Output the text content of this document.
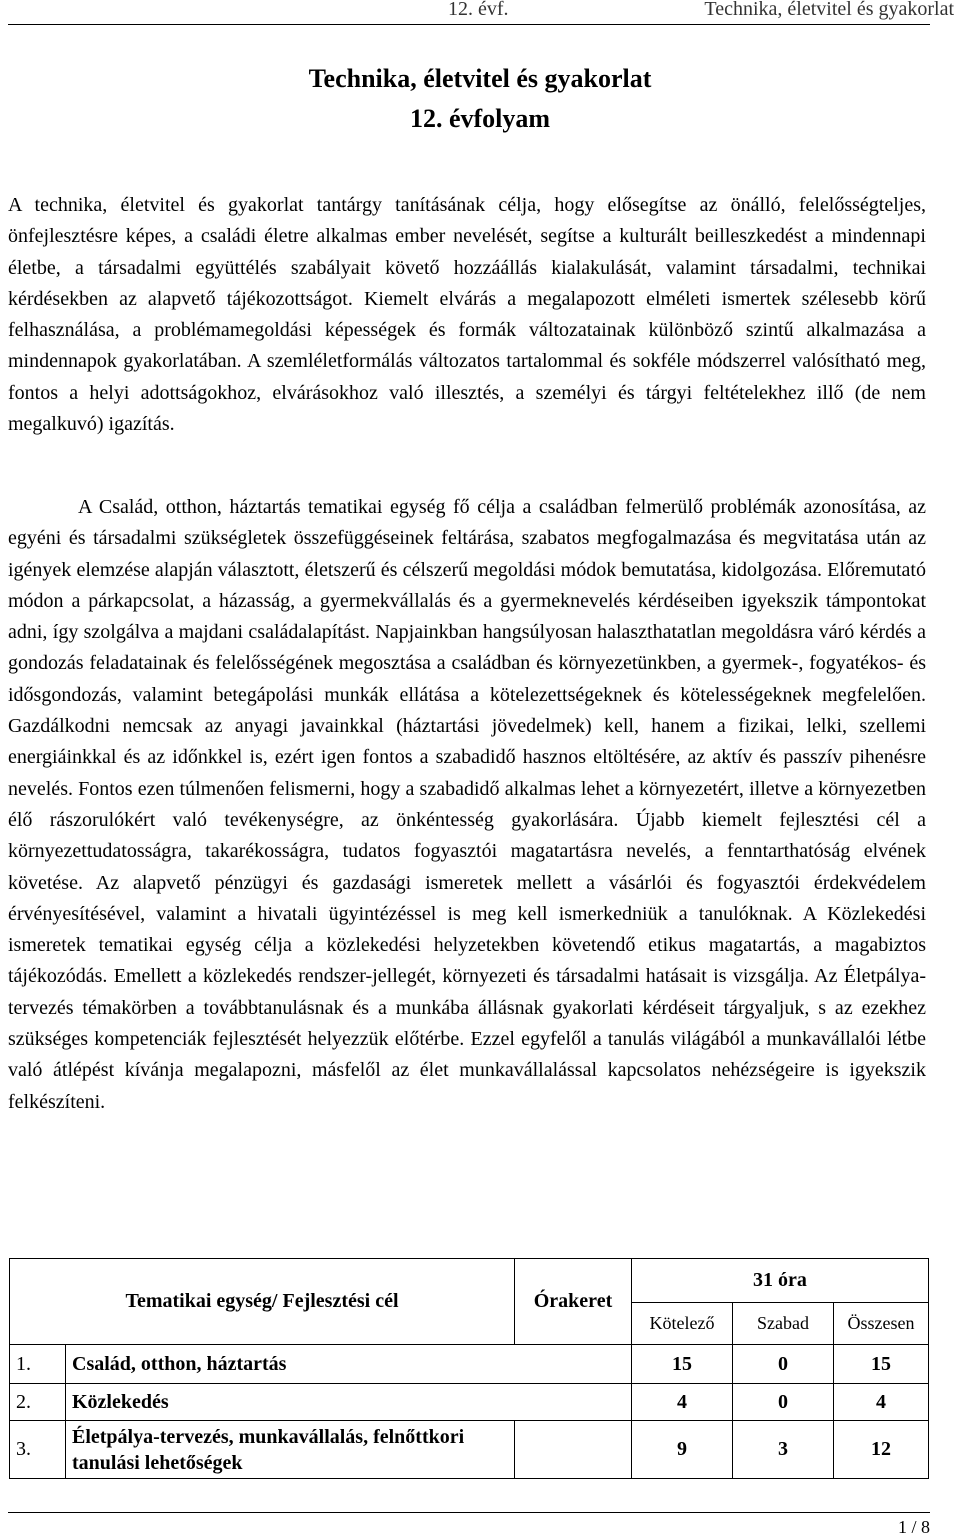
12. évf.	Technika, életvitel és gyakorlat
Technika, életvitel és gyakorlat
12. évfolyam

A technika, életvitel és gyakorlat tantárgy tanításának célja, hogy elősegítse az önálló, felelősségteljes, önfejlesztésre képes, a családi életre alkalmas ember nevelését, segítse a kulturált beilleszkedést a mindennapi életbe, a társadalmi együttélés szabályait követő hozzáállás kialakulását, valamint társadalmi, technikai kérdésekben az alapvető tájékozottságot. Kiemelt elvárás a megalapozott elméleti ismertek szélesebb körű felhasználása, a problémamegoldási képességek és formák változatainak különböző szintű alkalmazása a mindennapok gyakorlatában. A szemléletformálás változatos tartalommal és sokféle módszerrel valósítható meg, fontos a helyi adottságokhoz, elvárásokhoz való illesztés, a személyi és tárgyi feltételekhez illő (de nem megalkuvó) igazítás.

A Család, otthon, háztartás tematikai egység fő célja a családban felmerülő problémák azonosítása, az egyéni és társadalmi szükségletek összefüggéseinek feltárása, szabatos megfogalmazása és megvitatása után az igények elemzése alapján választott, életszerű és célszerű megoldási módok bemutatása, kidolgozása. Előremutató módon a párkapcsolat, a házasság, a gyermekvállalás és a gyermeknevelés kérdéseiben igyekszik támpontokat adni, így szolgálva a majdani családalapítást. Napjainkban hangsúlyosan halaszthatatlan megoldásra váró kérdés a gondozás feladatainak és felelősségének megosztása a családban és környezetünkben, a gyermek-, fogyatékos- és idősgondozás, valamint betegápolási munkák ellátása a kötelezettségeknek és kötelességeknek megfelelően. Gazdálkodni nemcsak az anyagi javainkkal (háztartási jövedelmek) kell, hanem a fizikai, lelki, szellemi energiáinkkal és az időnkkel is, ezért igen fontos a szabadidő hasznos eltöltésére, az aktív és passzív pihenésre nevelés. Fontos ezen túlmenően felismerni, hogy a szabadidő alkalmas lehet a környezetért, illetve a környezetben élő rászorulókért való tevékenységre, az önkéntesség gyakorlására. Újabb kiemelt fejlesztési cél a környezettudatosságra, takarékosságra, tudatos fogyasztói magatartásra nevelés, a fenntarthatóság elvének követése. Az alapvető pénzügyi és gazdasági ismeretek mellett a vásárlói és fogyasztói érdekvédelem érvényesítésével, valamint a hivatali ügyintézéssel is meg kell ismerkedniük a tanulóknak. A Közlekedési ismeretek tematikai egység célja a közlekedési helyzetekben követendő etikus magatartás, a magabiztos tájékozódás. Emellett a közlekedés rendszer-jellegét, környezeti és társadalmi hatásait is vizsgálja. Az Életpálya-tervezés témakörben a továbbtanulásnak és a munkába állásnak gyakorlati kérdéseit tárgyaljuk, s az ezekhez szükséges kompetenciák fejlesztését helyezzük előtérbe. Ezzel egyfelől a tanulás világából a munkavállalói létbe való átlépést kívánja megalapozni, másfelől az élet munkavállalással kapcsolatos nehézségeire is igyekszik felkészíteni.

Tematikai egység/ Fejlesztési cél		Órakeret	31 óra		
			Kötelező	Szabad	Összesen
1.	Család, otthon, háztartás		15	0	15
2.	Közlekedés		4	0	4
3.	Életpálya-tervezés, munkavállalás, felnőttkori tanulási lehetőségek		9	3	12
1 / 8
